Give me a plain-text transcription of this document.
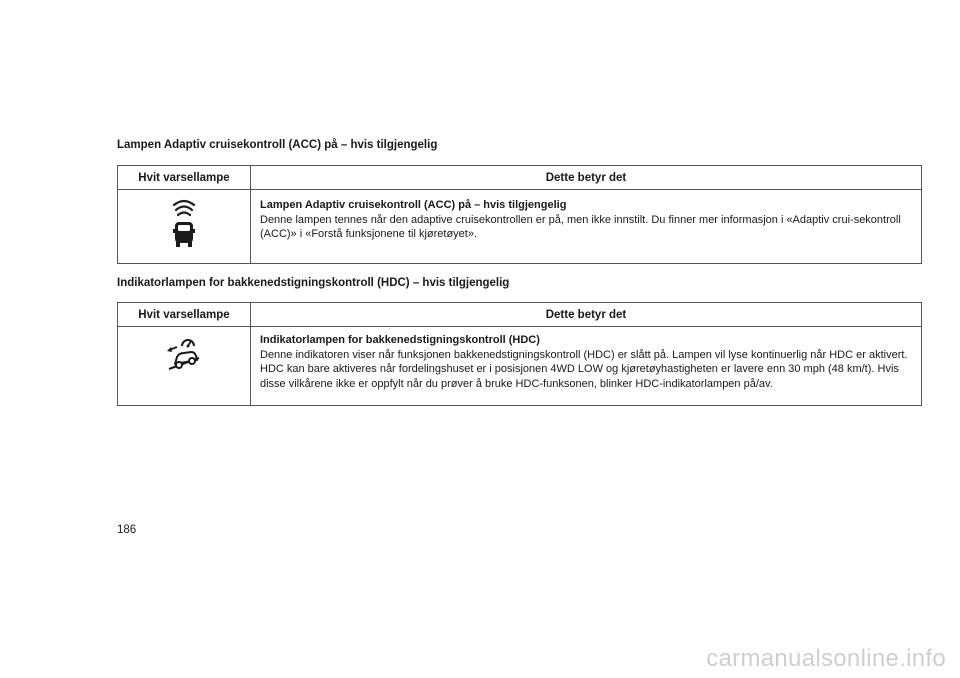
Lampen Adaptiv cruisekontroll (ACC) på – hvis tilgjengelig
Hvit varsellampe	Dette betyr det

Lampen Adaptiv cruisekontroll (ACC) på – hvis tilgjengelig
Denne lampen tennes når den adaptive cruisekontrollen er på, men ikke innstilt. Du finner mer informasjon i «Adaptiv crui-sekontroll (ACC)» i «Forstå funksjonene til kjøretøyet».
Indikatorlampen for bakkenedstigningskontroll (HDC) – hvis tilgjengelig
Hvit varsellampe	Dette betyr det

Indikatorlampen for bakkenedstigningskontroll (HDC)
Denne indikatoren viser når funksjonen bakkenedstigningskontroll (HDC) er slått på. Lampen vil lyse kontinuerlig når HDC er aktivert. HDC kan bare aktiveres når fordelingshuset er i posisjonen 4WD LOW og kjøretøyhastigheten er lavere enn 30 mph (48 km/t). Hvis disse vilkårene ikke er oppfylt når du prøver å bruke HDC-funksonen, blinker HDC-indikatorlampen på/av.
186
carmanualsonline.info
